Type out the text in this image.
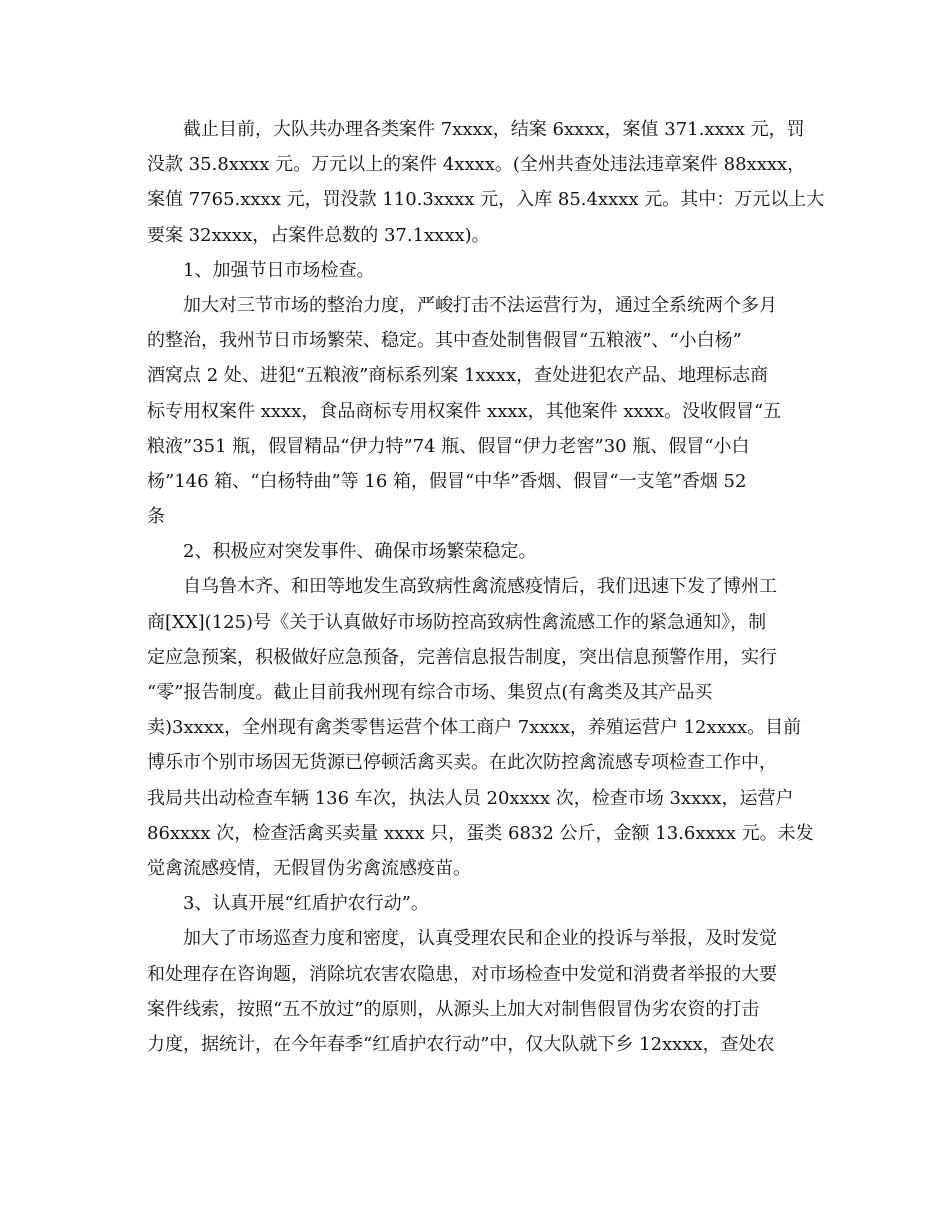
截止目前，大队共办理各类案件 7xxxx，结案 6xxxx，案值 371.xxxx 元，罚
没款 35.8xxxx 元。万元以上的案件 4xxxx。(全州共查处违法违章案件 88xxxx，
案值 7765.xxxx 元，罚没款 110.3xxxx 元，入库 85.4xxxx 元。其中：万元以上大
要案 32xxxx，占案件总数的 37.1xxxx)。
1、加强节日市场检查。
加大对三节市场的整治力度，严峻打击不法运营行为，通过全系统两个多月
的整治，我州节日市场繁荣、稳定。其中查处制售假冒“五粮液”、“小白杨”
酒窝点 2 处、进犯“五粮液”商标系列案 1xxxx，查处进犯农产品、地理标志商
标专用权案件 xxxx，食品商标专用权案件 xxxx，其他案件 xxxx。没收假冒“五
粮液”351 瓶，假冒精品“伊力特”74 瓶、假冒“伊力老窖”30 瓶、假冒“小白
杨”146 箱、“白杨特曲”等 16 箱，假冒“中华”香烟、假冒“一支笔”香烟 52
条
2、积极应对突发事件、确保市场繁荣稳定。
自乌鲁木齐、和田等地发生高致病性禽流感疫情后，我们迅速下发了博州工
商[XX](125)号《关于认真做好市场防控高致病性禽流感工作的紧急通知》，制
定应急预案，积极做好应急预备，完善信息报告制度，突出信息预警作用，实行
“零”报告制度。截止目前我州现有综合市场、集贸点(有禽类及其产品买
卖)3xxxx，全州现有禽类零售运营个体工商户 7xxxx，养殖运营户 12xxxx。目前
博乐市个别市场因无货源已停顿活禽买卖。在此次防控禽流感专项检查工作中，
我局共出动检查车辆 136 车次，执法人员 20xxxx 次，检查市场 3xxxx，运营户
86xxxx 次，检查活禽买卖量 xxxx 只，蛋类 6832 公斤，金额 13.6xxxx 元。未发
觉禽流感疫情，无假冒伪劣禽流感疫苗。
3、认真开展“红盾护农行动”。
加大了市场巡查力度和密度，认真受理农民和企业的投诉与举报，及时发觉
和处理存在咨询题，消除坑农害农隐患，对市场检查中发觉和消费者举报的大要
案件线索，按照“五不放过”的原则，从源头上加大对制售假冒伪劣农资的打击
力度，据统计，在今年春季“红盾护农行动”中，仅大队就下乡 12xxxx，查处农
